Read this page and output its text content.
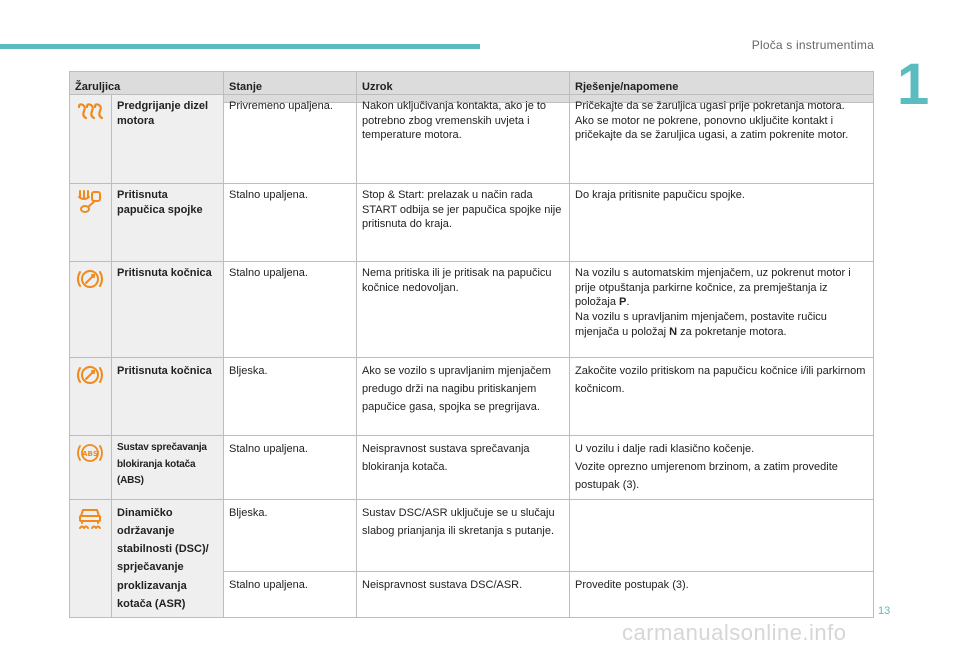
Ploča s instrumentima
1
Žaruljica	Stanje	Uzrok	Rješenje/napomene
	Predgrijanje dizel motora	Privremeno upaljena.	Nakon uključivanja kontakta, ako je to potrebno zbog vremenskih uvjeta i temperature motora.	Pričekajte da se žaruljica ugasi prije pokretanja motora.
Ako se motor ne pokrene, ponovno uključite kontakt i pričekajte da se žaruljica ugasi, a zatim pokrenite motor.

	Pritisnuta papučica spojke	Stalno upaljena.	Stop & Start: prelazak u način rada START odbija se jer papučica spojke nije pritisnuta do kraja.	Do kraja pritisnite papučicu spojke.

	Pritisnuta kočnica	Stalno upaljena.	Nema pritiska ili je pritisak na papučicu kočnice nedovoljan.	Na vozilu s automatskim mjenjačem, uz pokrenut motor i prije otpuštanja parkirne kočnice, za premještanja iz položaja P.
Na vozilu s upravljanim mjenjačem, postavite ručicu mjenjača u položaj N za pokretanje motora.

	Pritisnuta kočnica	Bljeska.	Ako se vozilo s upravljanim mjenjačem predugo drži na nagibu pritiskanjem papučice gasa, spojka se pregrijava.	Zakočite vozilo pritiskom na papučicu kočnice i/ili parkirnom kočnicom.

ABS	Sustav sprečavanja blokiranja kotača (ABS)	Stalno upaljena.	Neispravnost sustava sprečavanja blokiranja kotača.	U vozilu i dalje radi klasično kočenje.
Vozite oprezno umjerenom brzinom, a zatim provedite postupak (3).

	Dinamičko održavanje stabilnosti (DSC)/ sprječavanje proklizavanja kotača (ASR)	Bljeska.	Sustav DSC/ASR uključuje se u slučaju slabog prianjanja ili skretanja s putanje.	
		Stalno upaljena.	Neispravnost sustava DSC/ASR.	Provedite postupak (3).
13
carmanualsonline.info
